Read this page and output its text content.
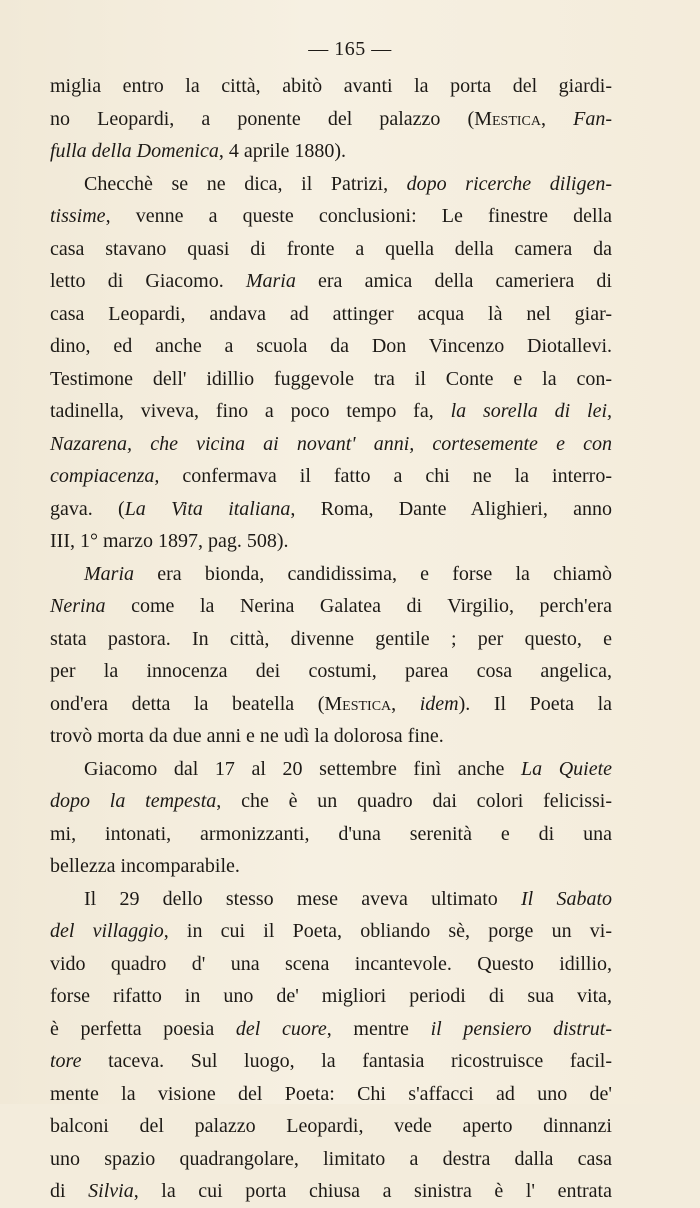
— 165 —
miglia entro la città, abitò avanti la porta del giardi-
no Leopardi, a ponente del palazzo (Mestica, Fan-
fulla della Domenica, 4 aprile 1880).
Checchè se ne dica, il Patrizi, dopo ricerche diligen-
tissime, venne a queste conclusioni: Le finestre della
casa stavano quasi di fronte a quella della camera da
letto di Giacomo. Maria era amica della cameriera di
casa Leopardi, andava ad attinger acqua là nel giar-
dino, ed anche a scuola da Don Vincenzo Diotallevi.
Testimone dell' idillio fuggevole tra il Conte e la con-
tadinella, viveva, fino a poco tempo fa, la sorella di lei,
Nazarena, che vicina ai novant' anni, cortesemente e con
compiacenza, confermava il fatto a chi ne la interro-
gava. (La Vita italiana, Roma, Dante Alighieri, anno
III, 1° marzo 1897, pag. 508).
Maria era bionda, candidissima, e forse la chiamò
Nerina come la Nerina Galatea di Virgilio, perch'era
stata pastora. In città, divenne gentile ; per questo, e
per la innocenza dei costumi, parea cosa angelica,
ond'era detta la beatella (Mestica, idem). Il Poeta la
trovò morta da due anni e ne udì la dolorosa fine.
Giacomo dal 17 al 20 settembre finì anche La Quiete
dopo la tempesta, che è un quadro dai colori felicissi-
mi, intonati, armonizzanti, d'una serenità e di una
bellezza incomparabile.
Il 29 dello stesso mese aveva ultimato Il Sabato
del villaggio, in cui il Poeta, obliando sè, porge un vi-
vido quadro d' una scena incantevole. Questo idillio,
forse rifatto in uno de' migliori periodi di sua vita,
è perfetta poesia del cuore, mentre il pensiero distrut-
tore taceva. Sul luogo, la fantasia ricostruisce facil-
mente la visione del Poeta: Chi s'affacci ad uno de'
balconi del palazzo Leopardi, vede aperto dinnanzi
uno spazio quadrangolare, limitato a destra dalla casa
di Silvia, la cui porta chiusa a sinistra è l' entrata
